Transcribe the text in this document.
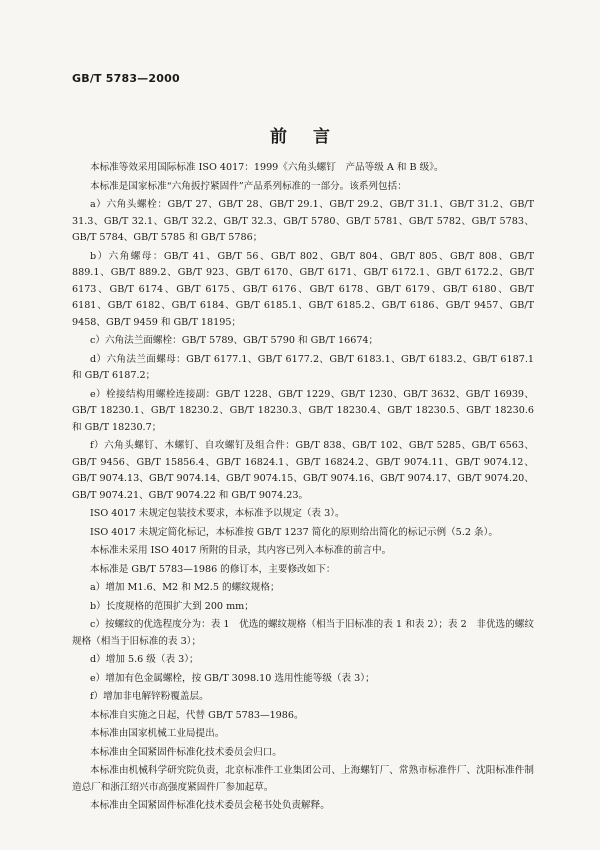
GB/T 5783—2000
前言

本标准等效采用国际标准 ISO 4017：1999《六角头螺钉　产品等级 A 和 B 级》。

本标准是国家标准“六角扳拧紧固件”产品系列标准的一部分。该系列包括：

a）六角头螺栓：GB/T 27、GB/T 28、GB/T 29.1、GB/T 29.2、GB/T 31.1、GB/T 31.2、GB/T 31.3、GB/T 32.1、GB/T 32.2、GB/T 32.3、GB/T 5780、GB/T 5781、GB/T 5782、GB/T 5783、GB/T 5784、GB/T 5785 和 GB/T 5786；

b）六角螺母：GB/T 41、GB/T 56、GB/T 802、GB/T 804、GB/T 805、GB/T 808、GB/T 889.1、GB/T 889.2、GB/T 923、GB/T 6170、GB/T 6171、GB/T 6172.1、GB/T 6172.2、GB/T 6173、GB/T 6174、GB/T 6175、GB/T 6176、GB/T 6178、GB/T 6179、GB/T 6180、GB/T 6181、GB/T 6182、GB/T 6184、GB/T 6185.1、GB/T 6185.2、GB/T 6186、GB/T 9457、GB/T 9458、GB/T 9459 和 GB/T 18195；

c）六角法兰面螺栓：GB/T 5789、GB/T 5790 和 GB/T 16674；

d）六角法兰面螺母：GB/T 6177.1、GB/T 6177.2、GB/T 6183.1、GB/T 6183.2、GB/T 6187.1 和 GB/T 6187.2；

e）栓接结构用螺栓连接副：GB/T 1228、GB/T 1229、GB/T 1230、GB/T 3632、GB/T 16939、GB/T 18230.1、GB/T 18230.2、GB/T 18230.3、GB/T 18230.4、GB/T 18230.5、GB/T 18230.6 和 GB/T 18230.7；

f）六角头螺钉、木螺钉、自攻螺钉及组合件：GB/T 838、GB/T 102、GB/T 5285、GB/T 6563、GB/T 9456、GB/T 15856.4、GB/T 16824.1、GB/T 16824.2、GB/T 9074.11、GB/T 9074.12、GB/T 9074.13、GB/T 9074.14、GB/T 9074.15、GB/T 9074.16、GB/T 9074.17、GB/T 9074.20、GB/T 9074.21、GB/T 9074.22 和 GB/T 9074.23。

ISO 4017 未规定包装技术要求，本标准予以规定（表 3）。

ISO 4017 未规定简化标记，本标准按 GB/T 1237 简化的原则给出简化的标记示例（5.2 条）。

本标准未采用 ISO 4017 所附的目录，其内容已列入本标准的前言中。

本标准是 GB/T 5783—1986 的修订本，主要修改如下：

a）增加 M1.6、M2 和 M2.5 的螺纹规格；

b）长度规格的范围扩大到 200 mm；

c）按螺纹的优选程度分为：表 1　优选的螺纹规格（相当于旧标准的表 1 和表 2）；表 2　非优选的螺纹规格（相当于旧标准的表 3）；

d）增加 5.6 级（表 3）；

e）增加有色金属螺栓，按 GB/T 3098.10 选用性能等级（表 3）；

f）增加非电解锌粉覆盖层。

本标准自实施之日起，代替 GB/T 5783—1986。

本标准由国家机械工业局提出。

本标准由全国紧固件标准化技术委员会归口。

本标准由机械科学研究院负责，北京标准件工业集团公司、上海螺钉厂、常熟市标准件厂、沈阳标准件制造总厂和浙江绍兴市高强度紧固件厂参加起草。

本标准由全国紧固件标准化技术委员会秘书处负责解释。
